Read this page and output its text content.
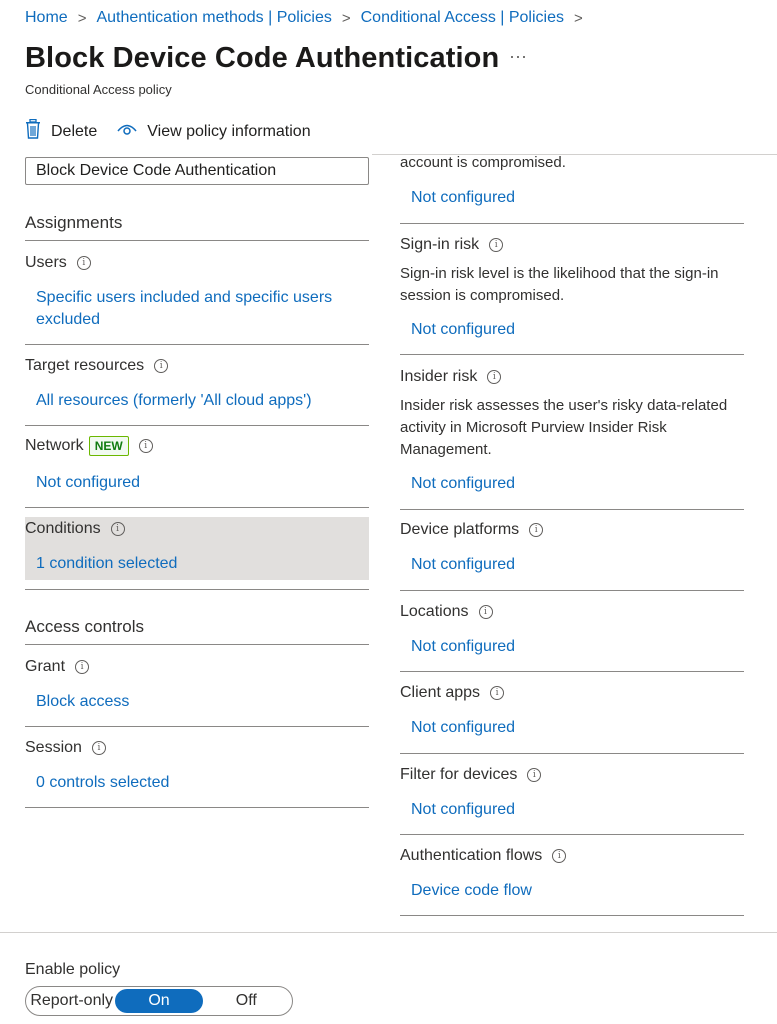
Home > Authentication methods | Policies > Conditional Access | Policies >
Block Device Code Authentication ···
Conditional Access policy
Delete	View policy information
Block Device Code Authentication
Assignments
Users	i
Specific users included and specific users excluded
Target resources	i
All resources (formerly 'All cloud apps')
Network NEW	i
Not configured
Conditions	i
1 condition selected
Access controls
Grant	i
Block access
Session	i
0 controls selected
account is compromised.
Not configured
Sign-in risk	i
Sign-in risk level is the likelihood that the sign-in session is compromised.
Not configured
Insider risk	i
Insider risk assesses the user's risky data-related activity in Microsoft Purview Insider Risk Management.
Not configured
Device platforms	i
Not configured
Locations	i
Not configured
Client apps	i
Not configured
Filter for devices	i
Not configured
Authentication flows	i
Device code flow
Enable policy
Report-only	On	Off
